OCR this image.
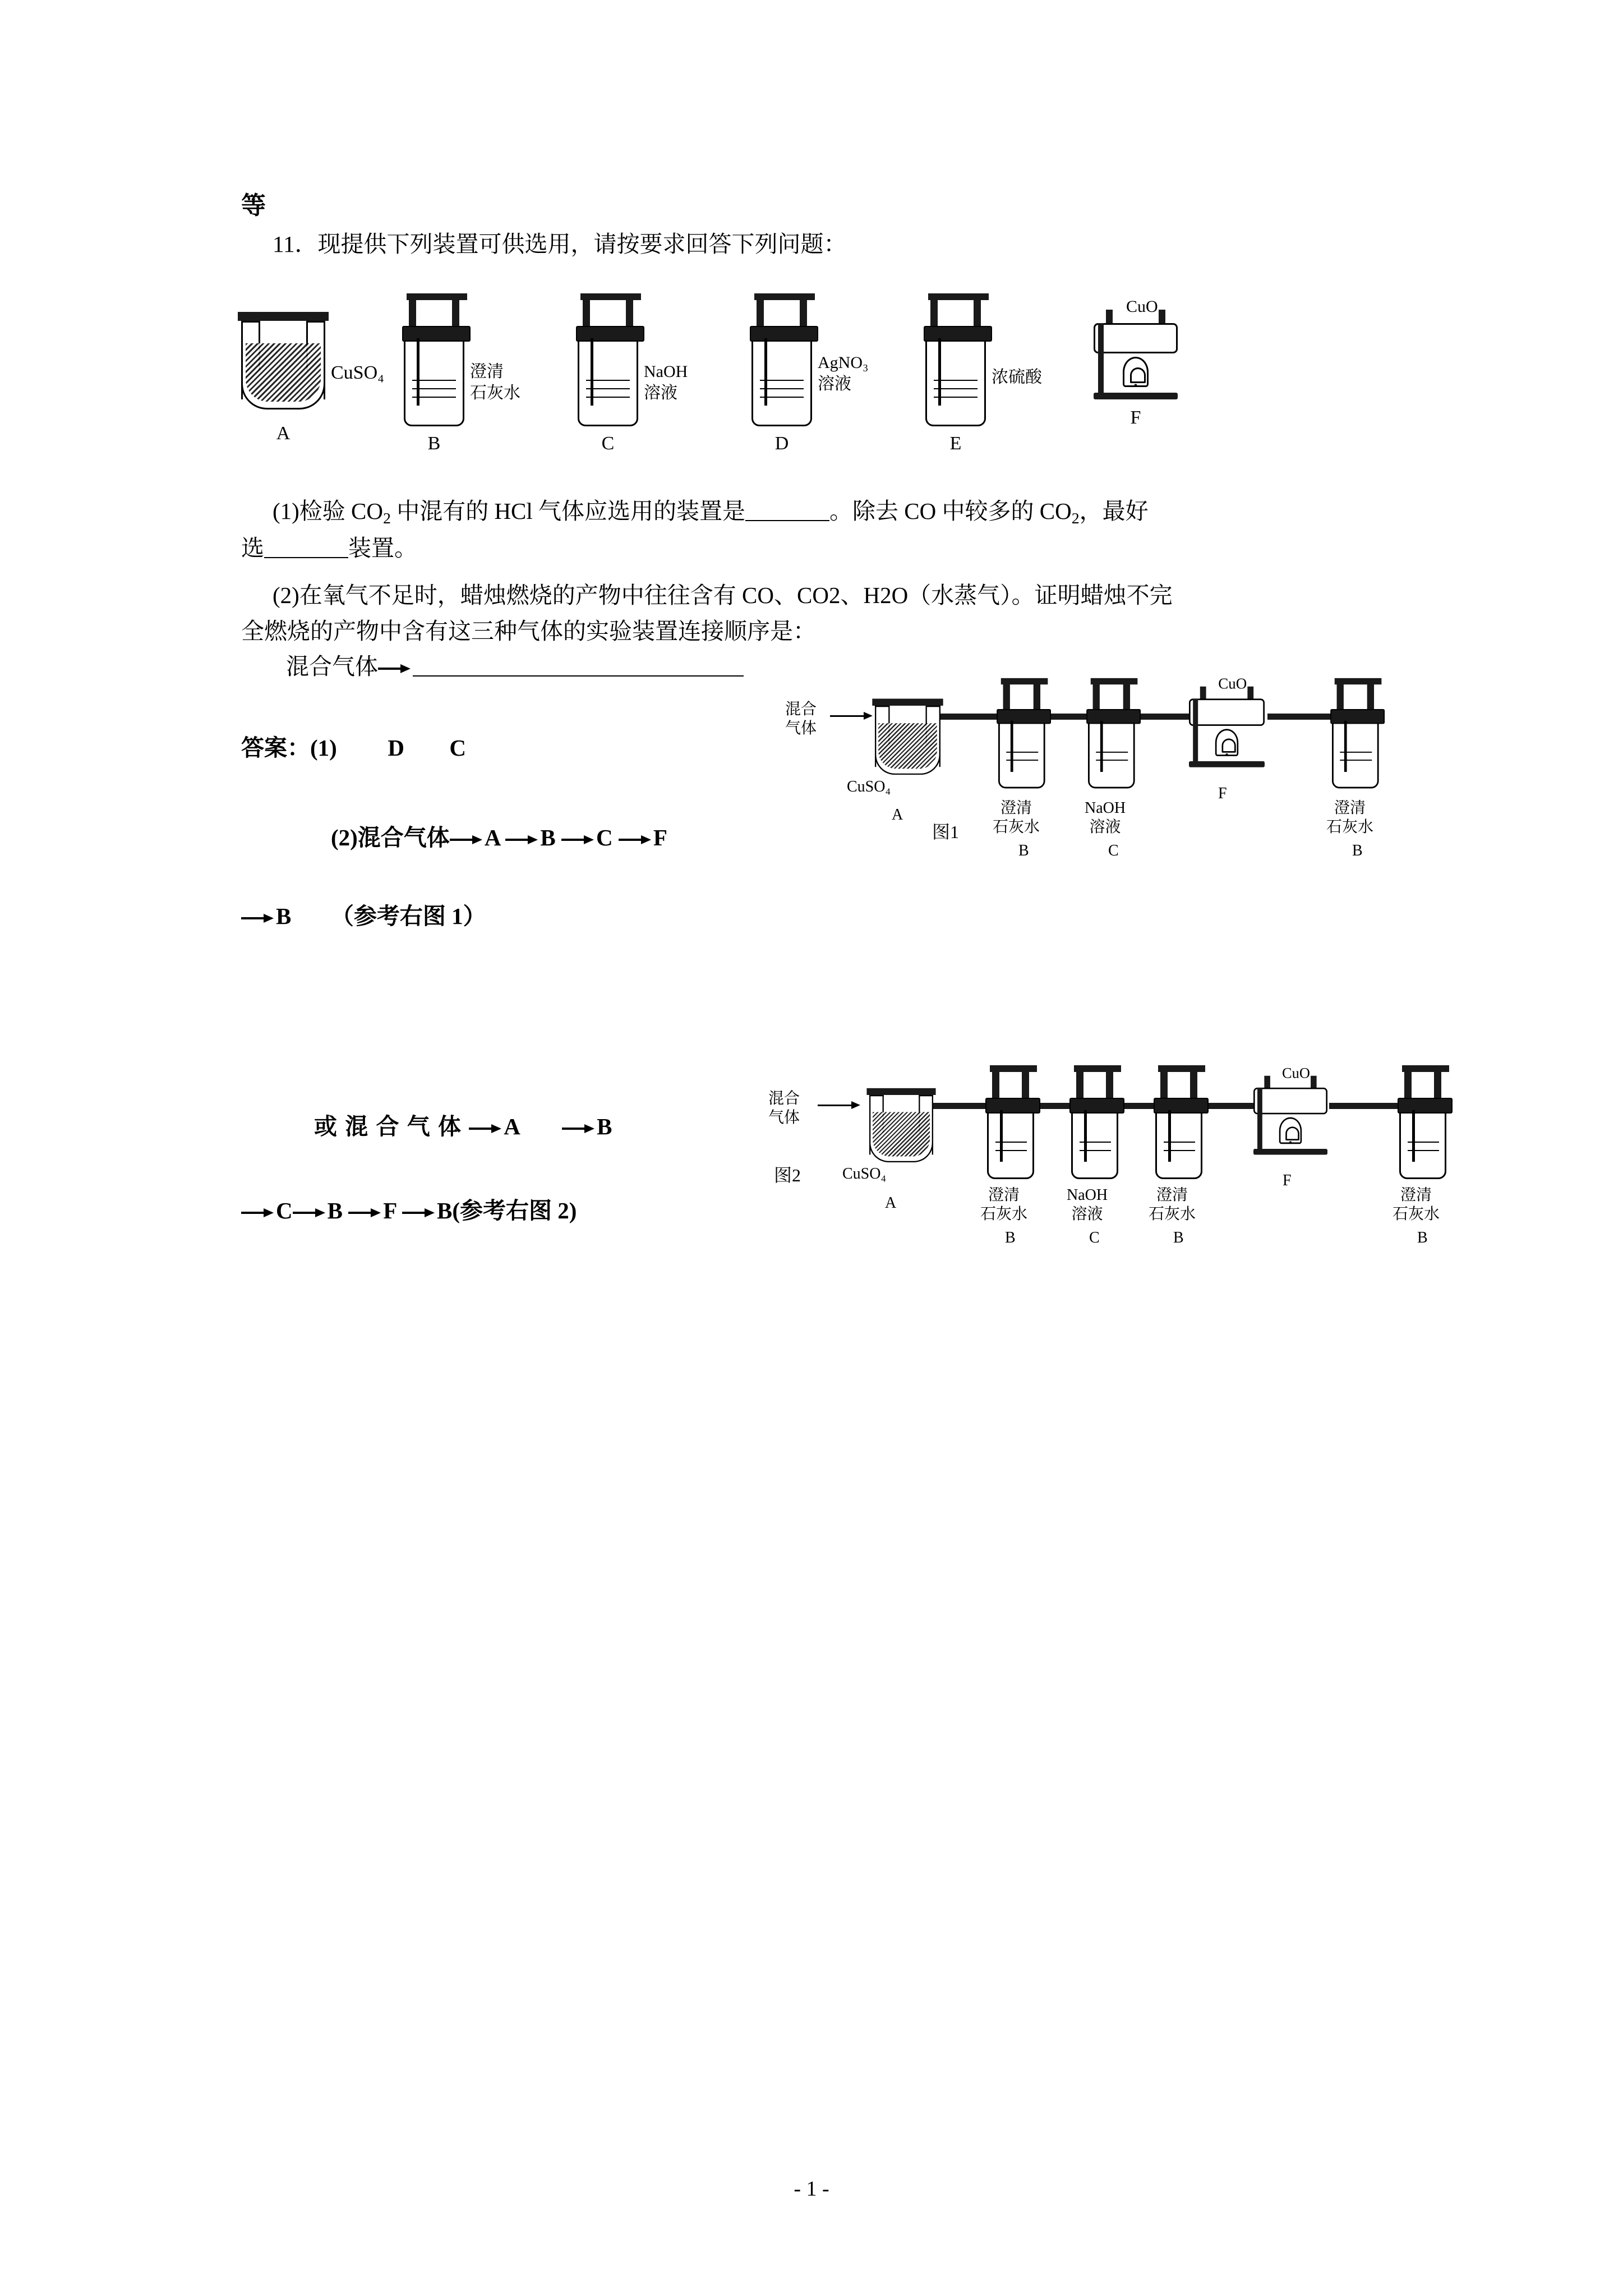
等
11．现提供下列装置可供选用，请按要求回答下列问题：
CuSO₄
A
澄清
石灰水
B
NaOH
溶液
C
AgNO₃
溶液
D
浓硫酸
E
CuO
F
(1)检验 $CO_2$ 中混有的 HCl 气体应选用的装置是	。除去 CO 中较多的 $CO_2$，最好
选	装置。
(2)在氧气不足时，蜡烛燃烧的产物中往往含有 CO、CO2、H2O（水蒸气）。证明蜡烛不完
全燃烧的产物中含有这三种气体的实验装置连接顺序是：
混合气体
答案：(1) D C
(2)混合气体 A B C F
B （参考右图 1）
或 混 合 气 体 A	B
C B F B(参考右图 2)
混合
气体
CuSO₄
A	澄清
石灰水
B
NaOH
溶液
C
CuO
F
澄清
石灰水
B
图1
混合
气体
CuSO₄
A	澄清
石灰水
B
NaOH
溶液
C
澄清
石灰水
B
CuO
F
澄清
石灰水
B
图2
- 1 -
